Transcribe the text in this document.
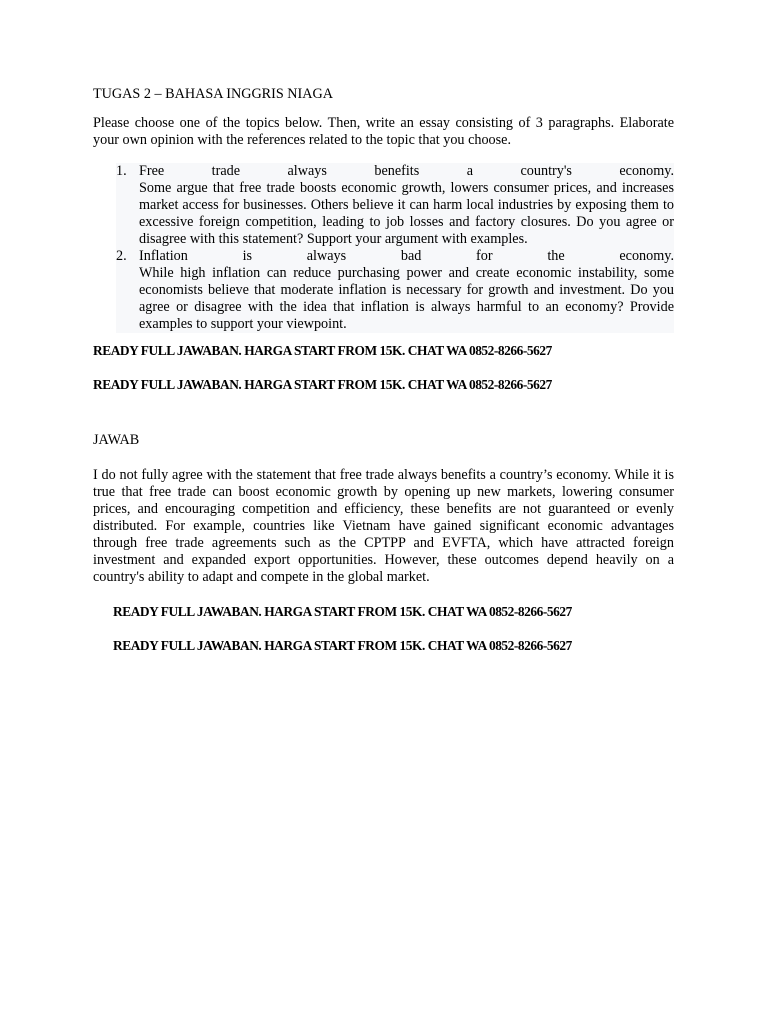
TUGAS 2 – BAHASA INGGRIS NIAGA

Please choose one of the topics below. Then, write an essay consisting of 3 paragraphs. Elaborate your own opinion with the references related to the topic that you choose.

1. Free trade always benefits a country's economy.
Some argue that free trade boosts economic growth, lowers consumer prices, and increases market access for businesses. Others believe it can harm local industries by exposing them to excessive foreign competition, leading to job losses and factory closures. Do you agree or disagree with this statement? Support your argument with examples.
2. Inflation is always bad for the economy.
While high inflation can reduce purchasing power and create economic instability, some economists believe that moderate inflation is necessary for growth and investment. Do you agree or disagree with the idea that inflation is always harmful to an economy? Provide examples to support your viewpoint.

READY FULL JAWABAN. HARGA START FROM 15K. CHAT WA 0852-8266-5627

READY FULL JAWABAN. HARGA START FROM 15K. CHAT WA 0852-8266-5627

JAWAB

I do not fully agree with the statement that free trade always benefits a country’s economy. While it is true that free trade can boost economic growth by opening up new markets, lowering consumer prices, and encouraging competition and efficiency, these benefits are not guaranteed or evenly distributed. For example, countries like Vietnam have gained significant economic advantages through free trade agreements such as the CPTPP and EVFTA, which have attracted foreign investment and expanded export opportunities. However, these outcomes depend heavily on a country's ability to adapt and compete in the global market.

READY FULL JAWABAN. HARGA START FROM 15K. CHAT WA 0852-8266-5627

READY FULL JAWABAN. HARGA START FROM 15K. CHAT WA 0852-8266-5627
